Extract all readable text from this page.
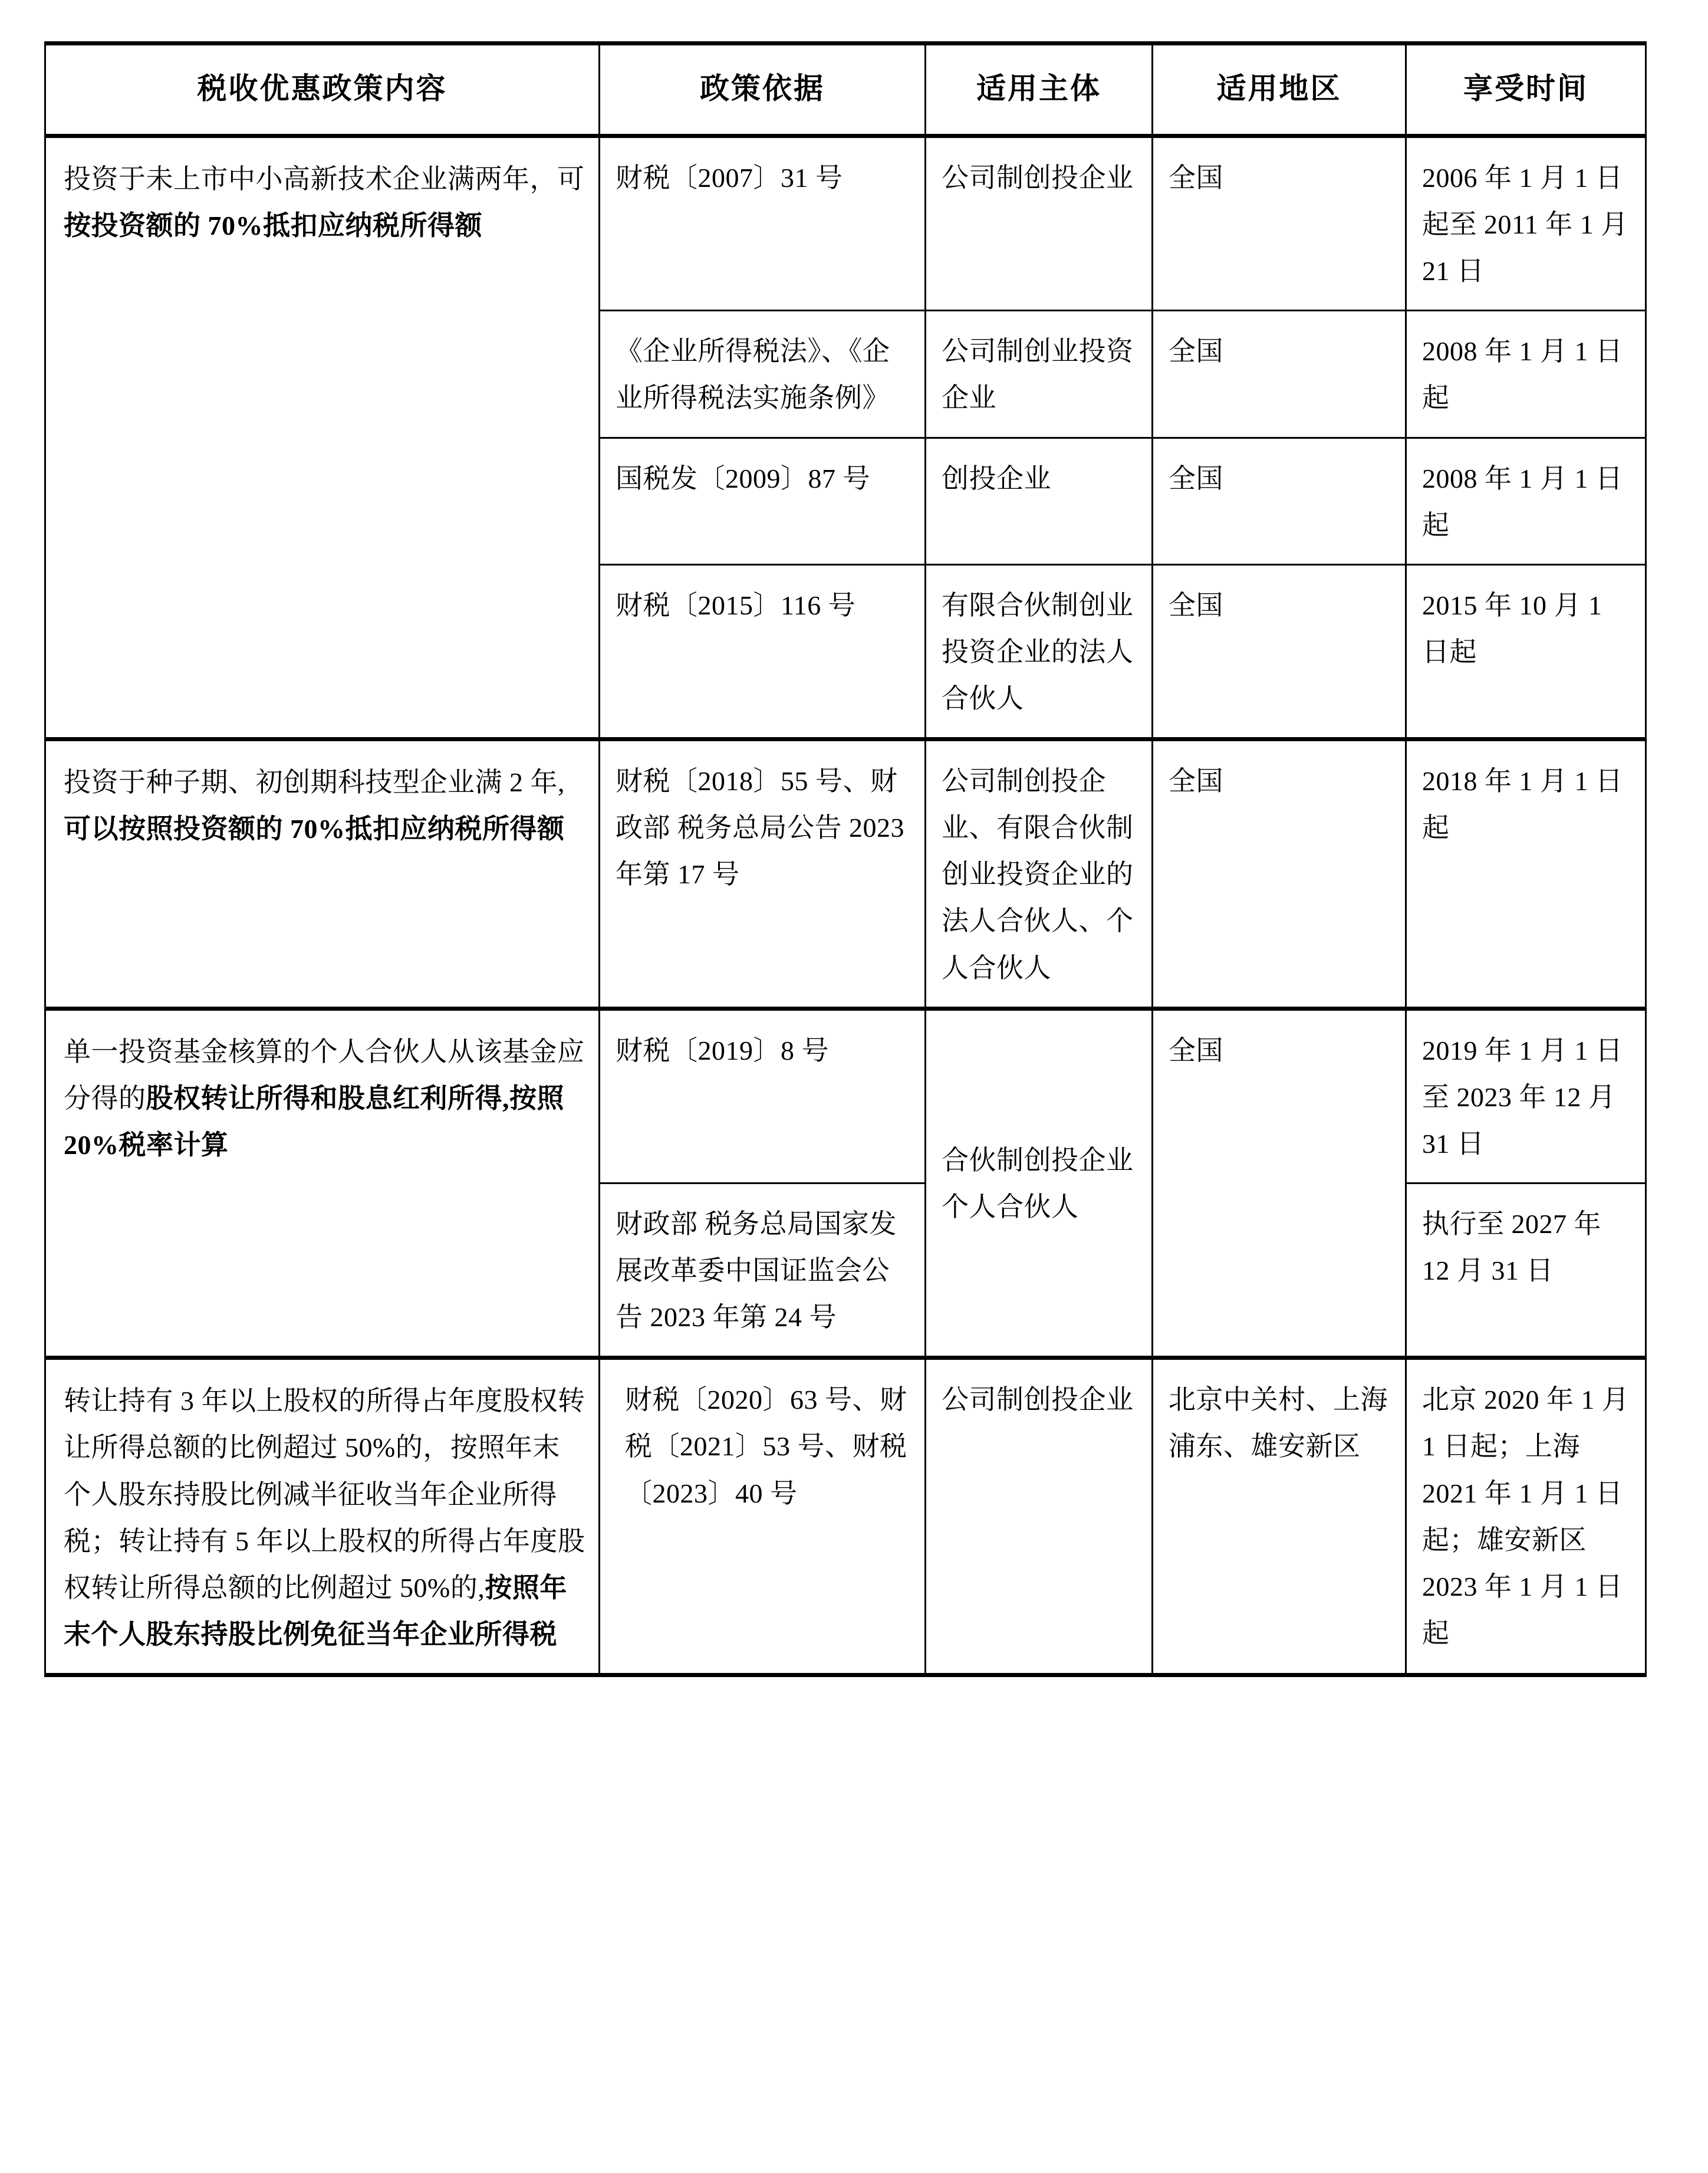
税收优惠政策内容	政策依据	适用主体	适用地区	享受时间
投资于未上市中小高新技术企业满两年，可按投资额的 70%抵扣应纳税所得额	财税〔2007〕31 号	公司制创投企业	全国	2006 年 1 月 1 日起至 2011 年 1 月 21 日
	《企业所得税法》、《企业所得税法实施条例》	公司制创业投资企业	全国	2008 年 1 月 1 日起
	国税发〔2009〕87 号	创投企业	全国	2008 年 1 月 1 日起
	财税〔2015〕116 号	有限合伙制创业投资企业的法人合伙人	全国	2015 年 10 月 1 日起
投资于种子期、初创期科技型企业满 2 年,可以按照投资额的 70%抵扣应纳税所得额	财税〔2018〕55 号、财政部 税务总局公告 2023 年第 17 号	公司制创投企业、有限合伙制创业投资企业的法人合伙人、个人合伙人	全国	2018 年 1 月 1 日起
单一投资基金核算的个人合伙人从该基金应分得的股权转让所得和股息红利所得,按照 20%税率计算	财税〔2019〕8 号	合伙制创投企业个人合伙人	全国	2019 年 1 月 1 日至 2023 年 12 月 31 日
	财政部 税务总局国家发展改革委中国证监会公告 2023 年第 24 号			执行至 2027 年 12 月 31 日
转让持有 3 年以上股权的所得占年度股权转让所得总额的比例超过 50%的，按照年末个人股东持股比例减半征收当年企业所得税；转让持有 5 年以上股权的所得占年度股权转让所得总额的比例超过 50%的,按照年末个人股东持股比例免征当年企业所得税	财税〔2020〕63 号、财税〔2021〕53 号、财税〔2023〕40 号	公司制创投企业	北京中关村、上海浦东、雄安新区	北京 2020 年 1 月 1 日起；上海 2021 年 1 月 1 日起；雄安新区 2023 年 1 月 1 日起
